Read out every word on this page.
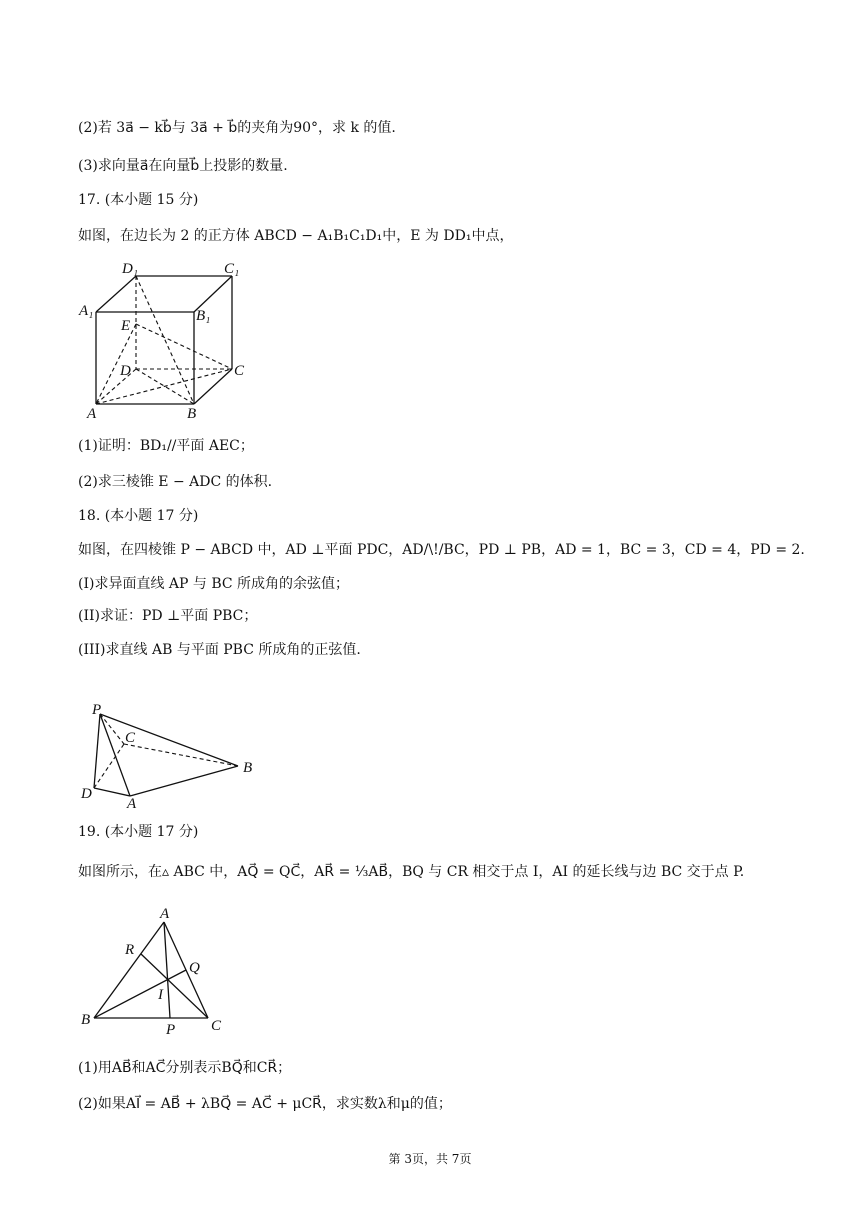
(2)若 3a⃗ − kb⃗与 3a⃗ + b⃗的夹角为90°，求 k 的值.
(3)求向量a⃗在向量b⃗上投影的数量.
17. (本小题 15 分)
如图，在边长为 2 的正方体 ABCD − A₁B₁C₁D₁中，E 为 DD₁中点，
D₁	C₁
A₁	B₁
E
D	C
A	B
(1)证明：BD₁//平面 AEC；
(2)求三棱锥 E − ADC 的体积.
18. (本小题 17 分)
如图，在四棱锥 P − ABCD 中，AD ⊥平面 PDC，AD/\!/BC，PD ⊥ PB，AD = 1，BC = 3，CD = 4，PD = 2.
(I)求异面直线 AP 与 BC 所成角的余弦值；
(II)求证：PD ⊥平面 PBC；
(III)求直线 AB 与平面 PBC 所成角的正弦值.
P
C
B
D
A
19. (本小题 17 分)
如图所示，在▵ ABC 中，AQ⃗ = QC⃗，AR⃗ = ⅓AB⃗，BQ 与 CR 相交于点 I，AI 的延长线与边 BC 交于点 P.
A
R
Q
I
B
P C
(1)用AB⃗和AC⃗分别表示BQ⃗和CR⃗；
(2)如果AI⃗ = AB⃗ + λBQ⃗ = AC⃗ + μCR⃗，求实数λ和μ的值；
第 3页，共 7页
